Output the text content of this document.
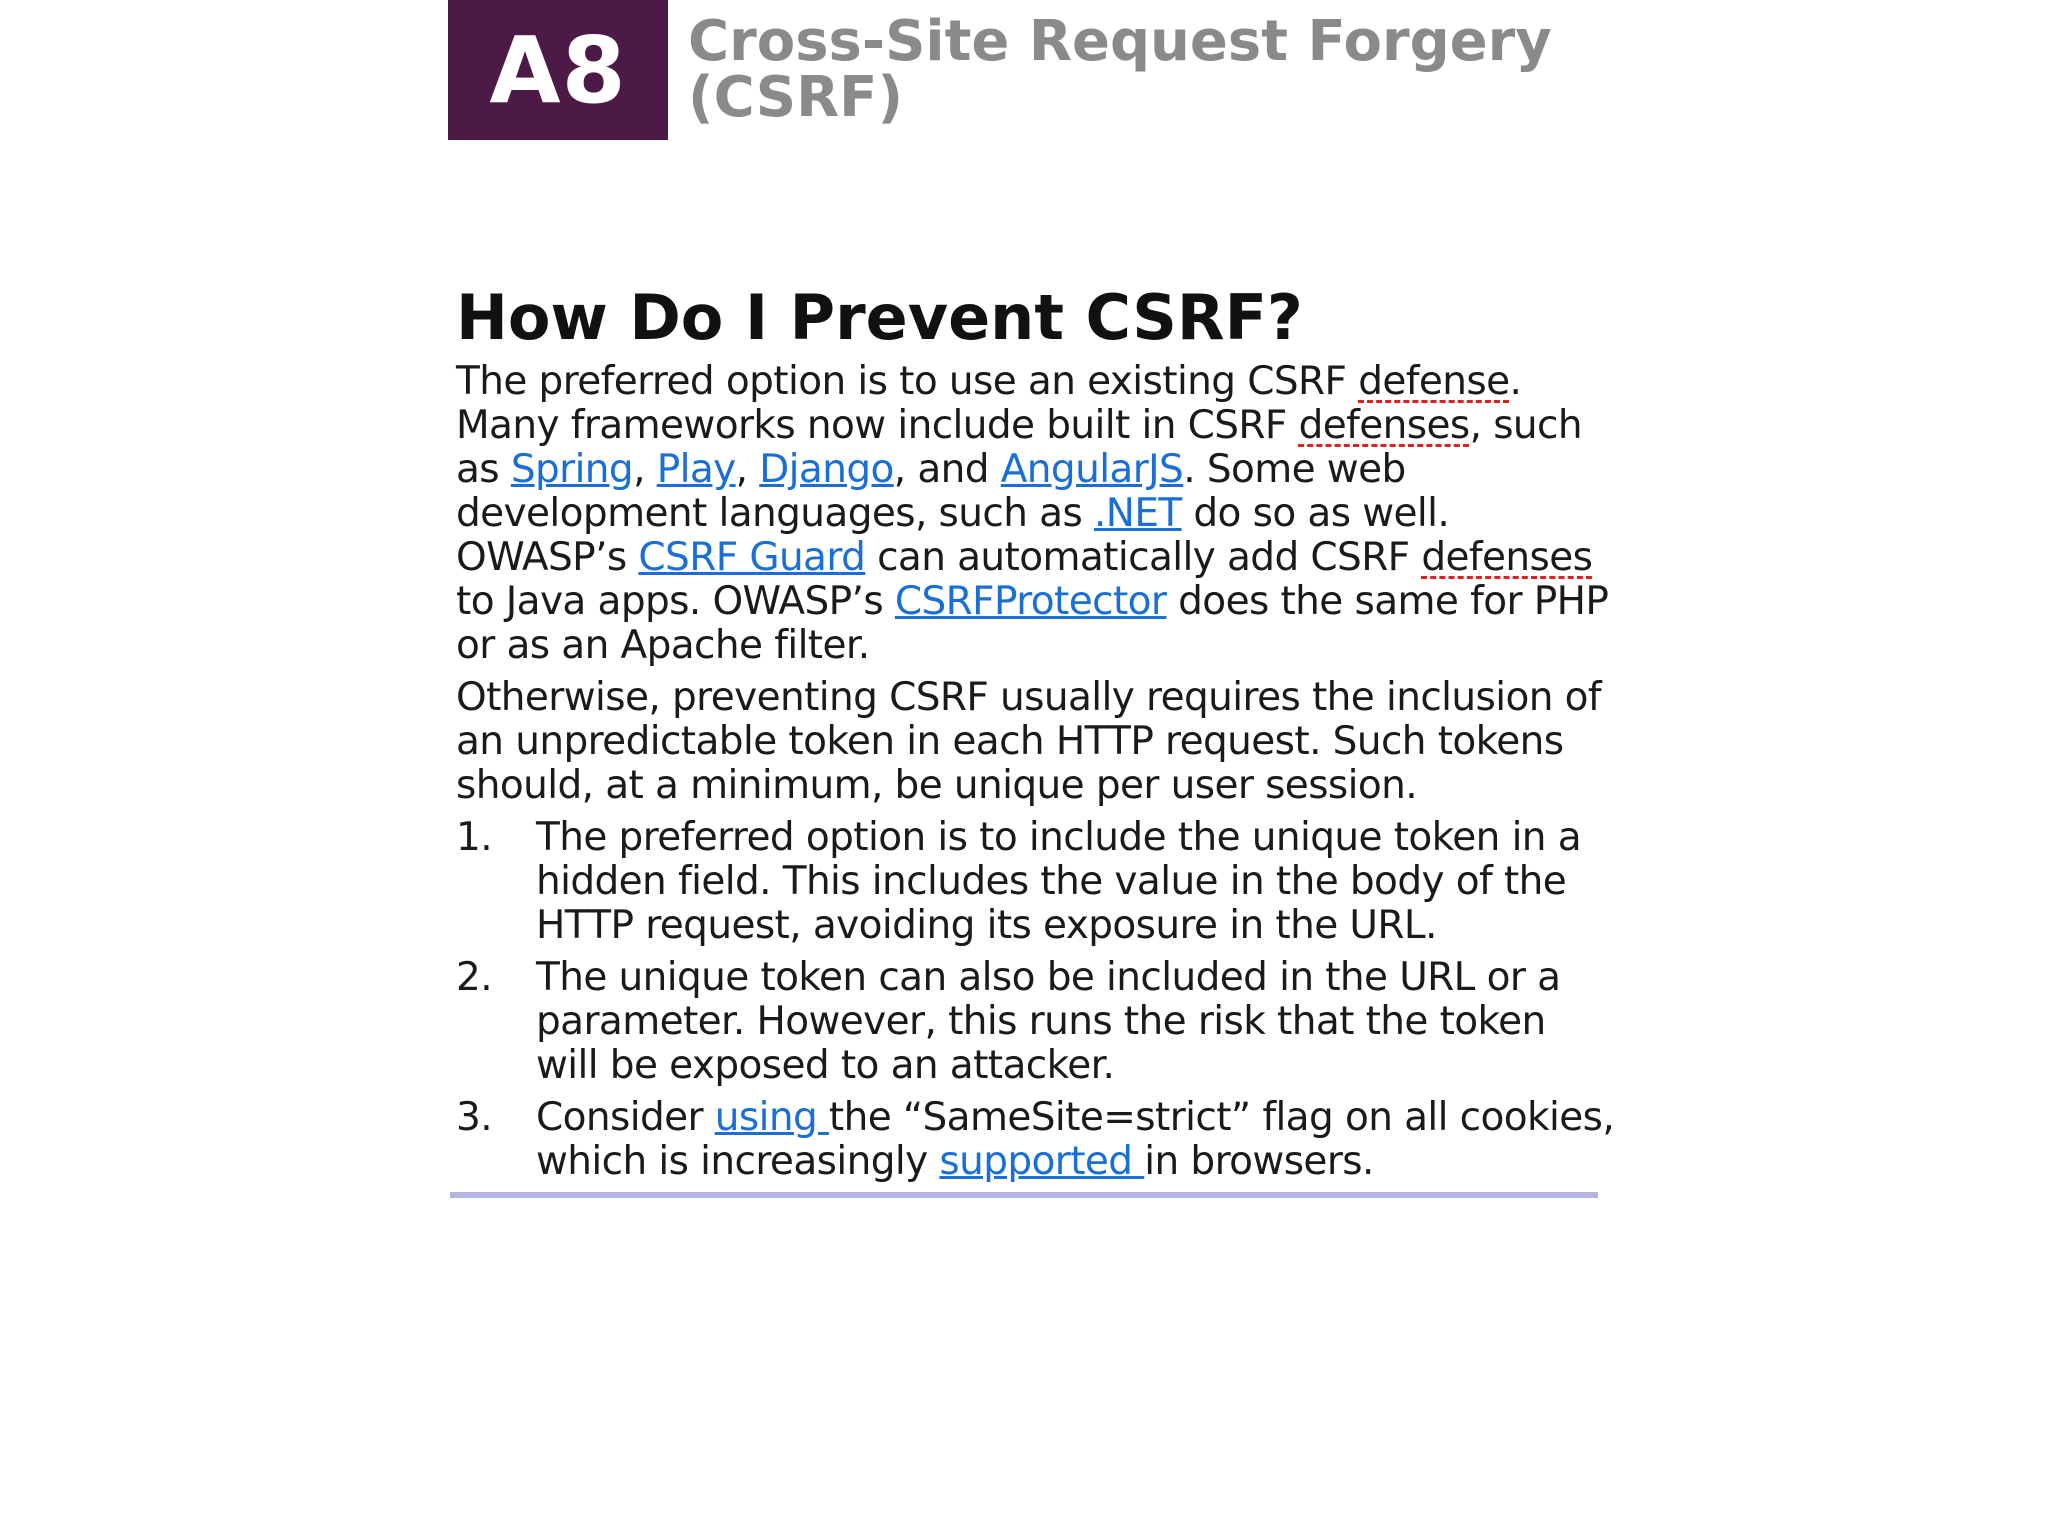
A8 Cross-Site Request Forgery
(CSRF)
How Do I Prevent CSRF?

The preferred option is to use an existing CSRF defense. Many frameworks now include built in CSRF defenses, such as Spring, Play, Django, and AngularJS. Some web development languages, such as .NET do so as well. OWASP’s CSRF Guard can automatically add CSRF defenses to Java apps. OWASP’s CSRFProtector does the same for PHP or as an Apache filter.

Otherwise, preventing CSRF usually requires the inclusion of an unpredictable token in each HTTP request. Such tokens should, at a minimum, be unique per user session.

1. The preferred option is to include the unique token in a hidden field. This includes the value in the body of the HTTP request, avoiding its exposure in the URL.
2. The unique token can also be included in the URL or a parameter. However, this runs the risk that the token will be exposed to an attacker.
3. Consider using the “SameSite=strict” flag on all cookies, which is increasingly supported in browsers.
